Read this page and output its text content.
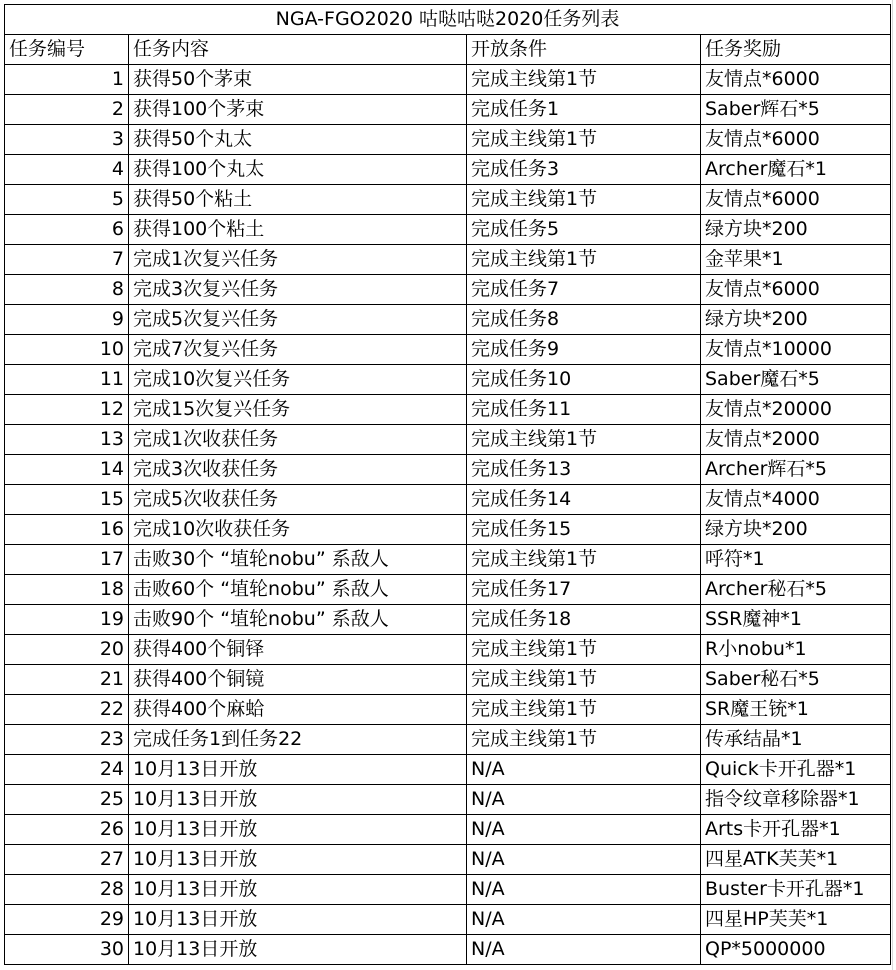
NGA-FGO2020 咕哒咕哒2020任务列表			
任务编号	任务内容	开放条件	任务奖励
1	获得50个茅束	完成主线第1节	友情点*6000
2	获得100个茅束	完成任务1	Saber辉石*5
3	获得50个丸太	完成主线第1节	友情点*6000
4	获得100个丸太	完成任务3	Archer魔石*1
5	获得50个粘土	完成主线第1节	友情点*6000
6	获得100个粘土	完成任务5	绿方块*200
7	完成1次复兴任务	完成主线第1节	金苹果*1
8	完成3次复兴任务	完成任务7	友情点*6000
9	完成5次复兴任务	完成任务8	绿方块*200
10	完成7次复兴任务	完成任务9	友情点*10000
11	完成10次复兴任务	完成任务10	Saber魔石*5
12	完成15次复兴任务	完成任务11	友情点*20000
13	完成1次收获任务	完成主线第1节	友情点*2000
14	完成3次收获任务	完成任务13	Archer辉石*5
15	完成5次收获任务	完成任务14	友情点*4000
16	完成10次收获任务	完成任务15	绿方块*200
17	击败30个 “埴轮nobu” 系敌人	完成主线第1节	呼符*1
18	击败60个 “埴轮nobu” 系敌人	完成任务17	Archer秘石*5
19	击败90个 “埴轮nobu” 系敌人	完成任务18	SSR魔神*1
20	获得400个铜铎	完成主线第1节	R小nobu*1
21	获得400个铜镜	完成主线第1节	Saber秘石*5
22	获得400个麻蛤	完成主线第1节	SR魔王铳*1
23	完成任务1到任务22	完成主线第1节	传承结晶*1
24	10月13日开放	N/A	Quick卡开孔器*1
25	10月13日开放	N/A	指令纹章移除器*1
26	10月13日开放	N/A	Arts卡开孔器*1
27	10月13日开放	N/A	四星ATK芙芙*1
28	10月13日开放	N/A	Buster卡开孔器*1
29	10月13日开放	N/A	四星HP芙芙*1
30	10月13日开放	N/A	QP*5000000
